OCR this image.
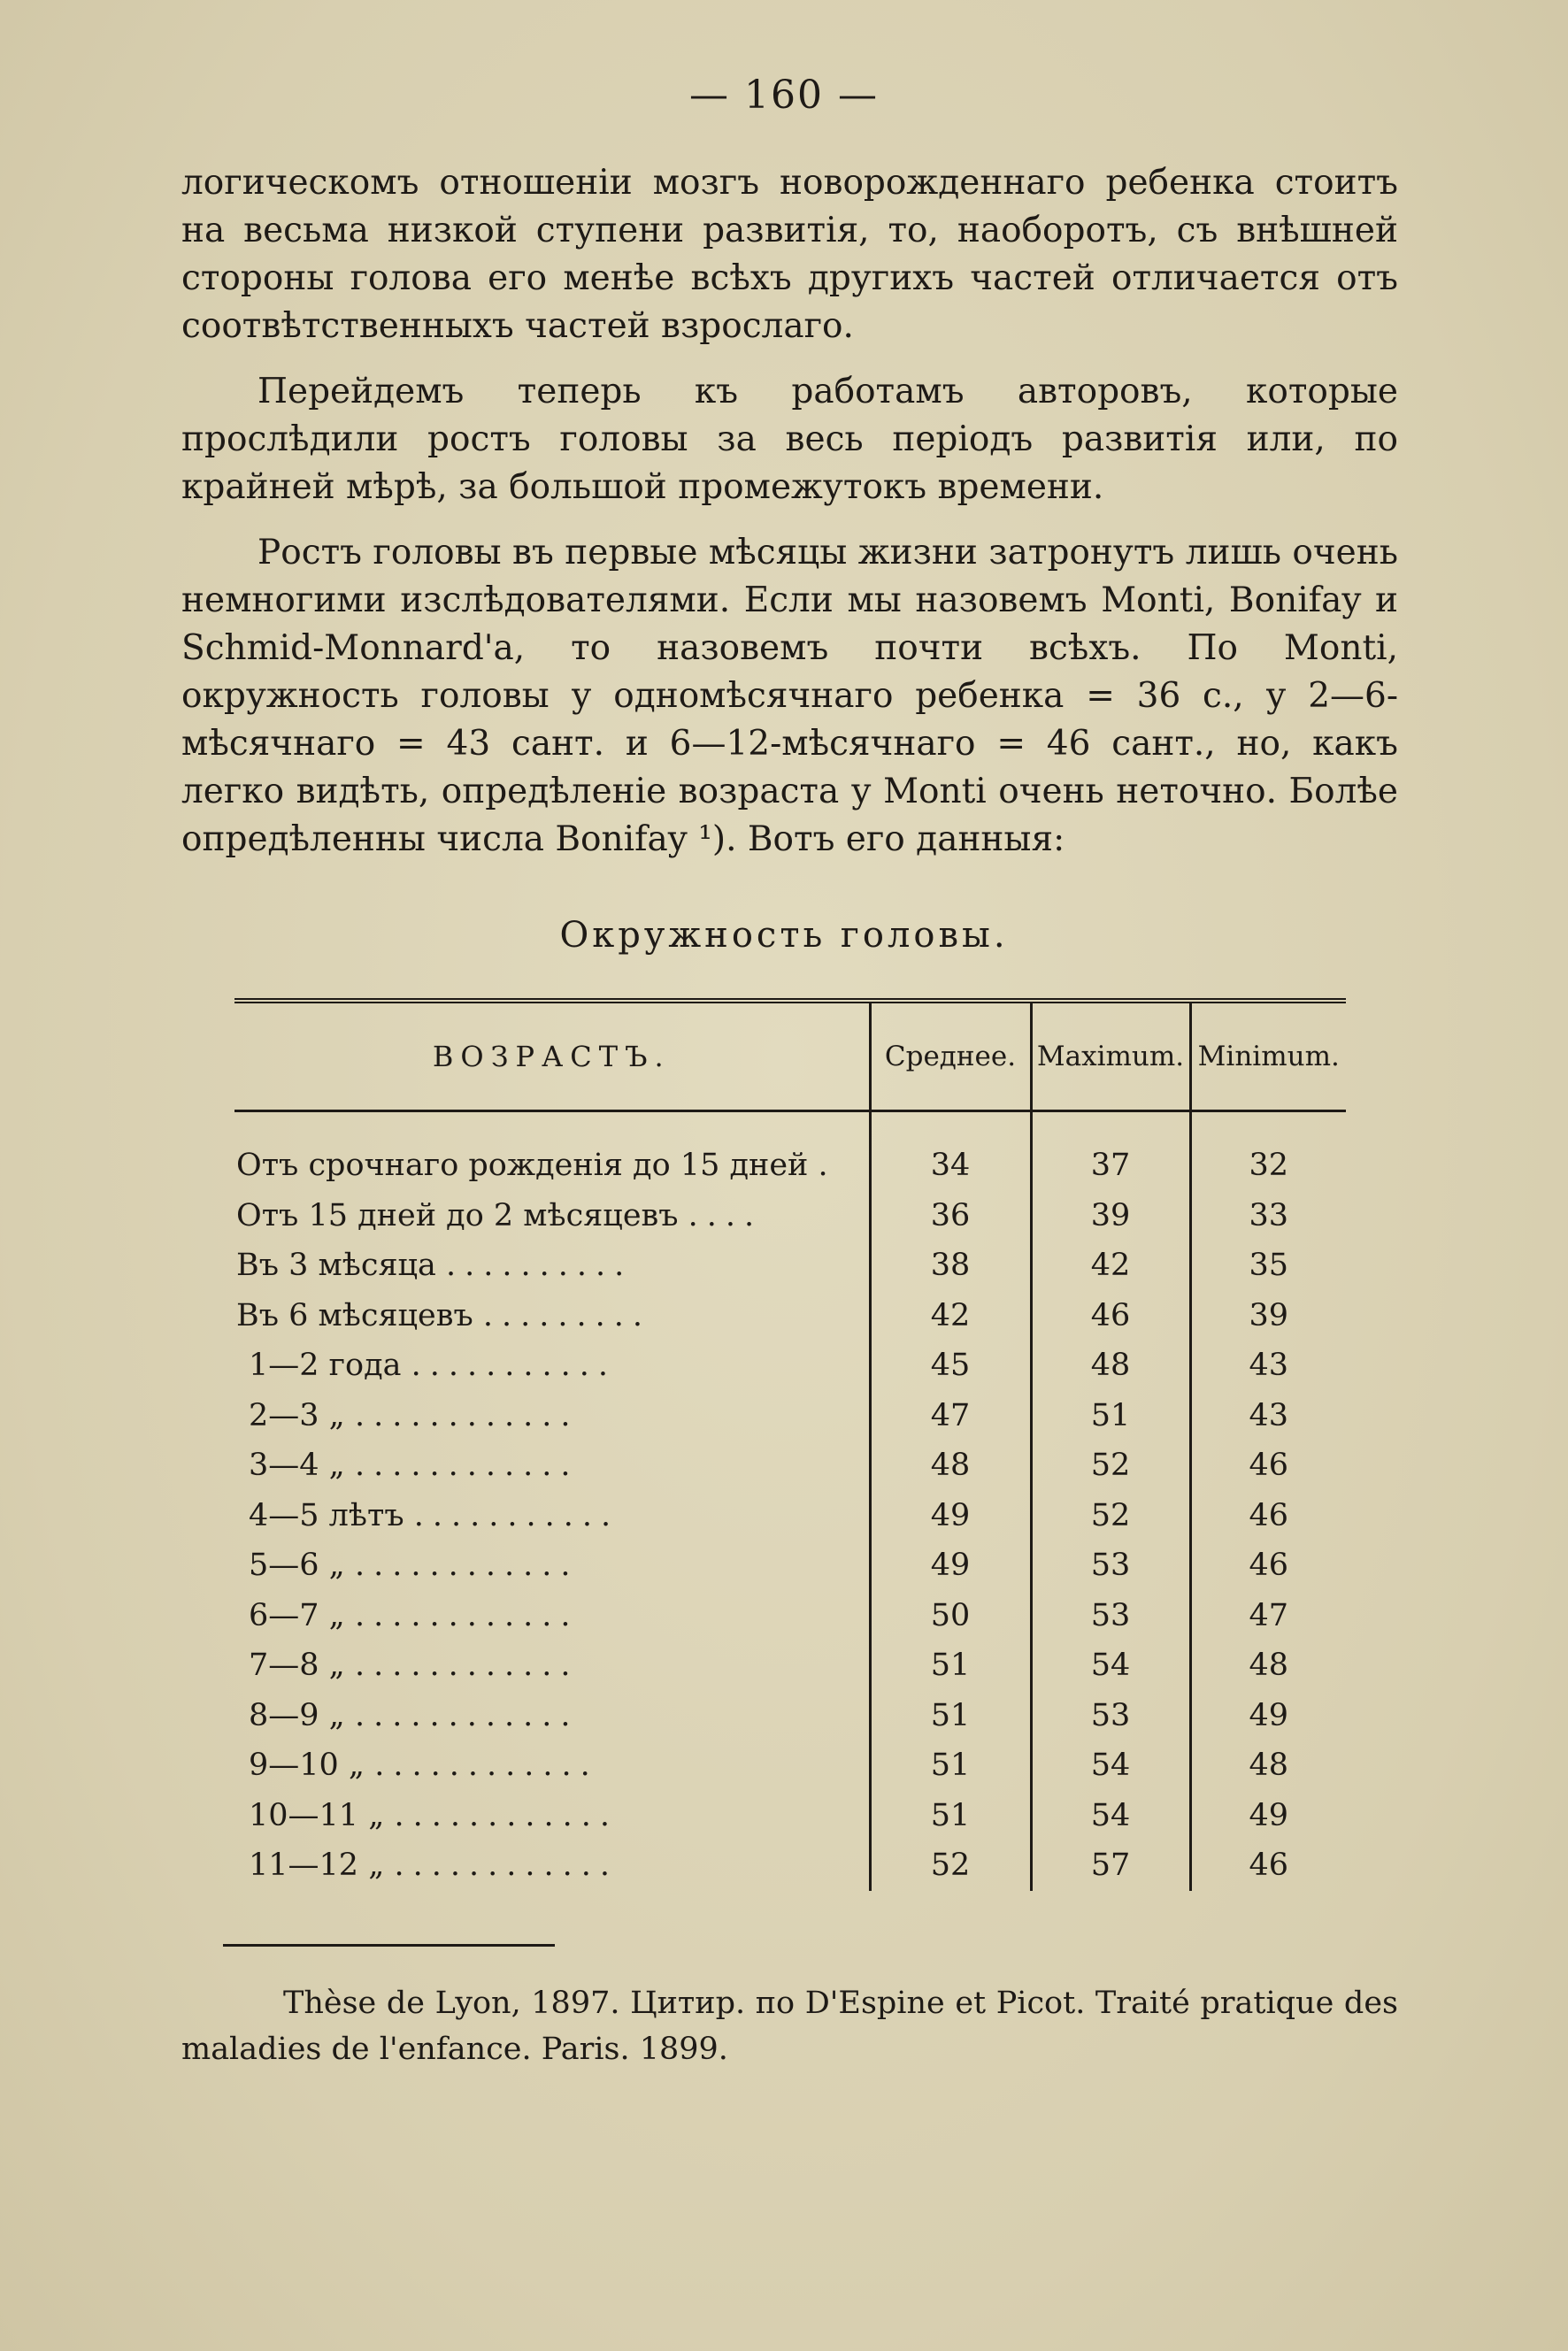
— 160 —

логическомъ отношеніи мозгъ новорожденнаго ребенка стоитъ на весьма низкой ступени развитія, то, наоборотъ, съ внѣшней стороны голова его менѣе всѣхъ другихъ частей отличается отъ соотвѣтственныхъ частей взрослаго.

Перейдемъ теперь къ работамъ авторовъ, которые прослѣдили ростъ головы за весь періодъ развитія или, по крайней мѣрѣ, за большой промежутокъ времени.

Ростъ головы въ первые мѣсяцы жизни затронутъ лишь очень немногими изслѣдователями. Если мы назовемъ Monti, Bonifay и Schmid-Monnard'а, то назовемъ почти всѣхъ. По Monti, окружность головы у одномѣсячнаго ребенка = 36 с., у 2—6-мѣсячнаго = 43 сант. и 6—12-мѣсячнаго = 46 сант., но, какъ легко видѣть, опредѣленіе возраста у Monti очень неточно. Болѣе опредѣленны числа Bonifay ¹). Вотъ его данныя:

Окружность головы.
ВОЗРАСТЪ.	Среднее.	Maximum.	Minimum.
Отъ срочнаго рожденія до 15 дней .	34	37	32
Отъ 15 дней до 2 мѣсяцевъ ....	36	39	33
Въ 3 мѣсяца ..........	38	42	35
Въ 6 мѣсяцевъ .........	42	46	39
1—2 года ...........	45	48	43
2—3 „ ............	47	51	43
3—4 „ ............	48	52	46
4—5 лѣтъ ...........	49	52	46
5—6 „ ............	49	53	46
6—7 „ ............	50	53	47
7—8 „ ............	51	54	48
8—9 „ ............	51	53	49
9—10 „ ............	51	54	48
10—11 „ ............	51	54	49
11—12 „ ............	52	57	46
Thèse de Lyon, 1897. Цитир. по D'Espine et Picot. Traité pratique des maladies de l'enfance. Paris. 1899.
